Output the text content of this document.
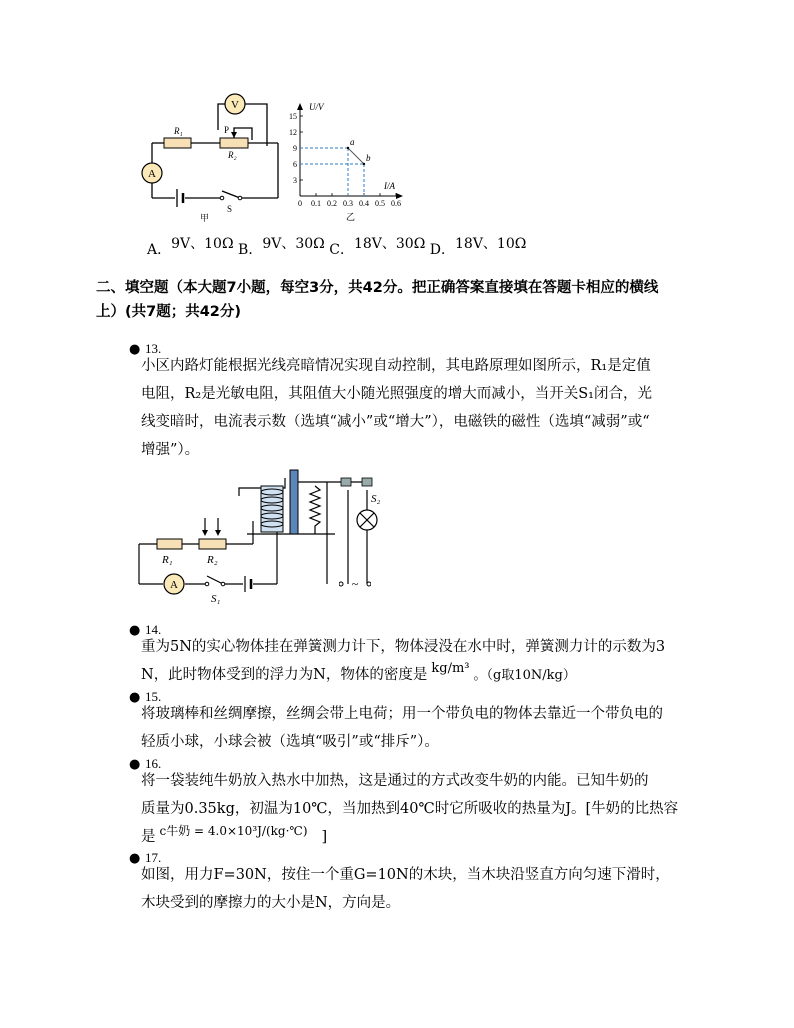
V
A
R₁
R₂
P
S
甲
15
12
9
6
3
0 0.1 0.2 0.3 0.4 0.5 0.6
a
b
U/V
I/A
乙
A．9V、10Ω B．9V、30Ω C．18V、30Ω D．18V、10Ω
二、填空题（本大题7小题，每空3分，共42分。把正确答案直接填在答题卡相应的横线
上）(共7题；共42分)
● 13.
小区内路灯能根据光线亮暗情况实现自动控制，其电路原理如图所示，R₁是定值
电阻，R₂是光敏电阻，其阻值大小随光照强度的增大而减小，当开关S₁闭合，光
线变暗时，电流表示数（选填“减小”或“增大”），电磁铁的磁性（选填“减弱”或“
增强”）。
A
R₁	R₂
S₁
S₂
~
● 14.
重为5N的实心物体挂在弹簧测力计下，物体浸没在水中时，弹簧测力计的示数为3
N，此时物体受到的浮力为N，物体的密度是 kg/m³ 。（g取10N/kg）
● 15.
将玻璃棒和丝绸摩擦，丝绸会带上电荷；用一个带负电的物体去靠近一个带负电的
轻质小球，小球会被（选填“吸引”或“排斥”）。
● 16.
将一袋装纯牛奶放入热水中加热，这是通过的方式改变牛奶的内能。已知牛奶的
质量为0.35kg，初温为10℃，当加热到40℃时它所吸收的热量为J。[牛奶的比热容
是 $^{c牛奶 = 4.0\times 10^3J/(kg\cdot℃)}$ ]
● 17.
如图，用力F=30N，按住一个重G=10N的木块，当木块沿竖直方向匀速下滑时，
木块受到的摩擦力的大小是N，方向是。
